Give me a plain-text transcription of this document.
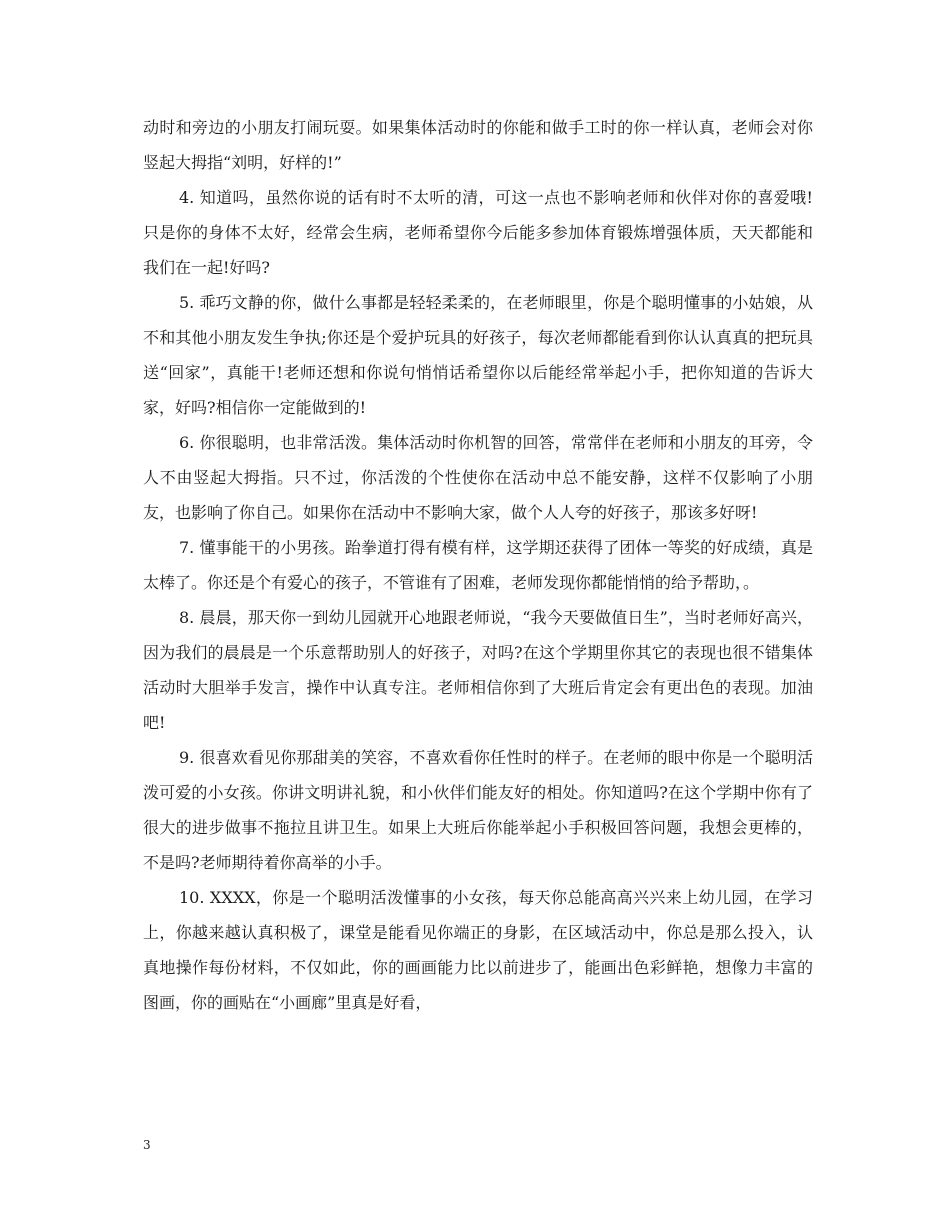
动时和旁边的小朋友打闹玩耍。如果集体活动时的你能和做手工时的你一样认真，老师会对你竖起大拇指“刘明，好样的!”

4. 知道吗，虽然你说的话有时不太听的清，可这一点也不影响老师和伙伴对你的喜爱哦!只是你的身体不太好，经常会生病，老师希望你今后能多参加体育锻炼增强体质，天天都能和我们在一起!好吗?

5. 乖巧文静的你，做什么事都是轻轻柔柔的，在老师眼里，你是个聪明懂事的小姑娘，从不和其他小朋友发生争执;你还是个爱护玩具的好孩子，每次老师都能看到你认认真真的把玩具送“回家”，真能干!老师还想和你说句悄悄话希望你以后能经常举起小手，把你知道的告诉大家，好吗?相信你一定能做到的!

6. 你很聪明，也非常活泼。集体活动时你机智的回答，常常伴在老师和小朋友的耳旁，令人不由竖起大拇指。只不过，你活泼的个性使你在活动中总不能安静，这样不仅影响了小朋友，也影响了你自己。如果你在活动中不影响大家，做个人人夸的好孩子，那该多好呀!

7. 懂事能干的小男孩。跆拳道打得有模有样，这学期还获得了团体一等奖的好成绩，真是太棒了。你还是个有爱心的孩子，不管谁有了困难，老师发现你都能悄悄的给予帮助，。

8. 晨晨，那天你一到幼儿园就开心地跟老师说，“我今天要做值日生”，当时老师好高兴，因为我们的晨晨是一个乐意帮助别人的好孩子，对吗?在这个学期里你其它的表现也很不错集体活动时大胆举手发言，操作中认真专注。老师相信你到了大班后肯定会有更出色的表现。加油吧!

9. 很喜欢看见你那甜美的笑容，不喜欢看你任性时的样子。在老师的眼中你是一个聪明活泼可爱的小女孩。你讲文明讲礼貌，和小伙伴们能友好的相处。你知道吗?在这个学期中你有了很大的进步做事不拖拉且讲卫生。如果上大班后你能举起小手积极回答问题，我想会更棒的，不是吗?老师期待着你高举的小手。

10. XXXX，你是一个聪明活泼懂事的小女孩，每天你总能高高兴兴来上幼儿园，在学习上，你越来越认真积极了，课堂是能看见你端正的身影，在区域活动中，你总是那么投入，认真地操作每份材料，不仅如此，你的画画能力比以前进步了，能画出色彩鲜艳，想像力丰富的图画，你的画贴在“小画廊”里真是好看，

3
